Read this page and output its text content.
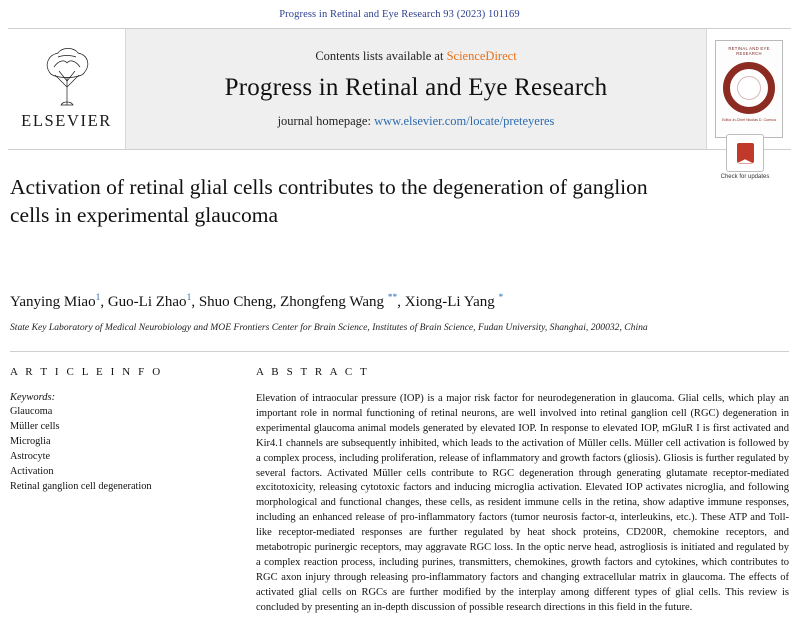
Progress in Retinal and Eye Research 93 (2023) 101169
ELSEVIER
Contents lists available at ScienceDirect
Progress in Retinal and Eye Research
journal homepage: www.elsevier.com/locate/preteyeres
RETINAL AND EYE RESEARCH
Editor-in-Chief Nicolás D. Cuenca
Activation of retinal glial cells contributes to the degeneration of ganglion cells in experimental glaucoma
Check for updates
Yanying Miao$^1$, Guo-Li Zhao$^1$, Shuo Cheng, Zhongfeng Wang **, Xiong-Li Yang *
State Key Laboratory of Medical Neurobiology and MOE Frontiers Center for Brain Science, Institutes of Brain Science, Fudan University, Shanghai, 200032, China
A R T I C L E I N F O
Keywords:
Glaucoma
Müller cells
Microglia
Astrocyte
Activation
Retinal ganglion cell degeneration
A B S T R A C T
Elevation of intraocular pressure (IOP) is a major risk factor for neurodegeneration in glaucoma. Glial cells, which play an important role in normal functioning of retinal neurons, are well involved into retinal ganglion cell (RGC) degeneration in experimental glaucoma animal models generated by elevated IOP. In response to elevated IOP, mGluR I is first activated and Kir4.1 channels are subsequently inhibited, which leads to the activation of Müller cells. Müller cell activation is followed by a complex process, including proliferation, release of inflammatory and growth factors (gliosis). Gliosis is further regulated by several factors. Activated Müller cells contribute to RGC degeneration through generating glutamate receptor-mediated excitotoxicity, releasing cytotoxic factors and inducing microglia activation. Elevated IOP activates nicroglia, and following morphological and functional changes, these cells, as resident immune cells in the retina, show adaptive immune responses, including an enhanced release of pro-inflammatory factors (tumor neurosis factor-α, interleukins, etc.). These ATP and Toll-like receptor-mediated responses are further regulated by heat shock proteins, CD200R, chemokine receptors, and metabotropic purinergic receptors, may aggravate RGC loss. In the optic nerve head, astrogliosis is initiated and regulated by a complex reaction process, including purines, transmitters, chemokines, growth factors and cytokines, which contributes to RGC axon injury through releasing pro-inflammatory factors and changing extracellular matrix in glaucoma. The effects of activated glial cells on RGCs are further modified by the interplay among different types of glial cells. This review is concluded by presenting an in-depth discussion of possible research directions in this field in the future.
